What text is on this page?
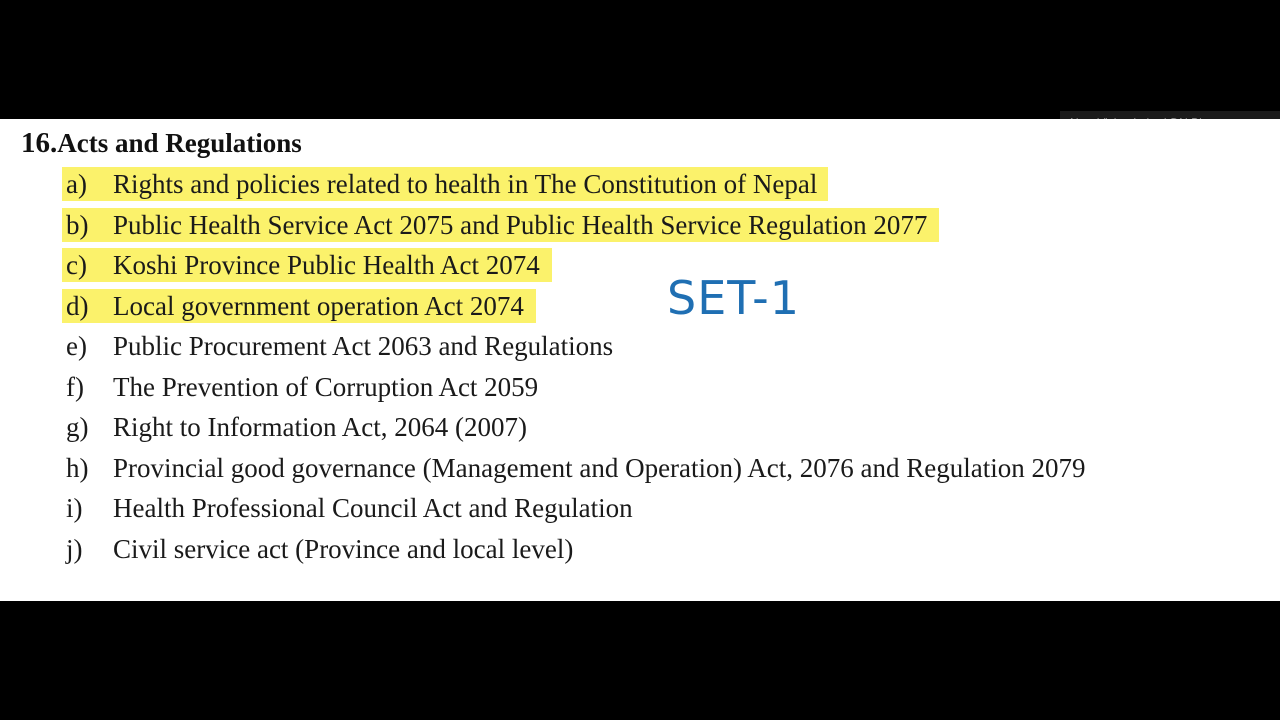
16.Acts and Regulations
a) Rights and policies related to health in The Constitution of Nepal
b) Public Health Service Act 2075 and Public Health Service Regulation 2077
c) Koshi Province Public Health Act 2074
d) Local government operation Act 2074
e) Public Procurement Act 2063 and Regulations
f) The Prevention of Corruption Act 2059
g) Right to Information Act, 2064 (2007)
h) Provincial good governance (Management and Operation) Act, 2076 and Regulation 2079
i) Health Professional Council Act and Regulation
j) Civil service act (Province and local level)
SET-1
